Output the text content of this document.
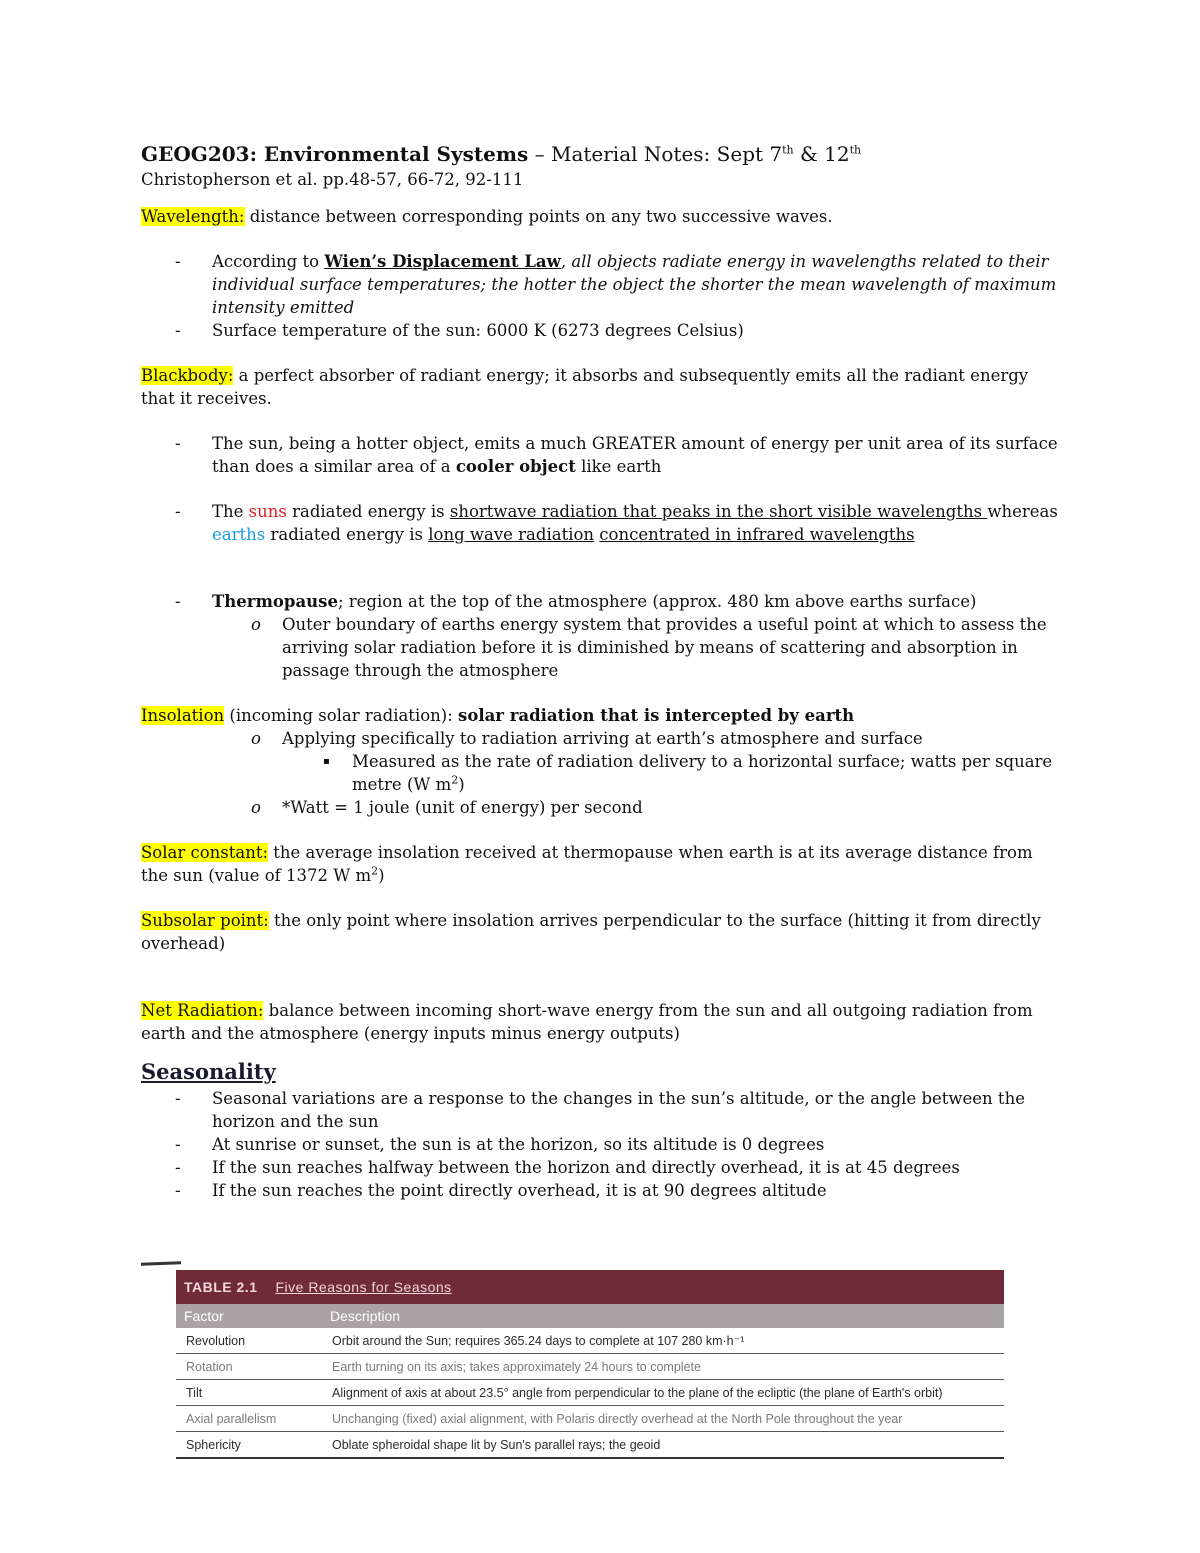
GEOG203: Environmental Systems – Material Notes: Sept 7th & 12th

Christopherson et al. pp.48-57, 66-72, 92-111

Wavelength: distance between corresponding points on any two successive waves.

- According to Wien’s Displacement Law, all objects radiate energy in wavelengths related to their individual surface temperatures; the hotter the object the shorter the mean wavelength of maximum intensity emitted

- Surface temperature of the sun: 6000 K (6273 degrees Celsius)

Blackbody: a perfect absorber of radiant energy; it absorbs and subsequently emits all the radiant energy that it receives.

- The sun, being a hotter object, emits a much GREATER amount of energy per unit area of its surface than does a similar area of a cooler object like earth

- The suns radiated energy is shortwave radiation that peaks in the short visible wavelengths whereas earths radiated energy is long wave radiation concentrated in infrared wavelengths

- Thermopause; region at the top of the atmosphere (approx. 480 km above earths surface)

o Outer boundary of earths energy system that provides a useful point at which to assess the arriving solar radiation before it is diminished by means of scattering and absorption in passage through the atmosphere

Insolation (incoming solar radiation): solar radiation that is intercepted by earth

o Applying specifically to radiation arriving at earth’s atmosphere and surface

▪ Measured as the rate of radiation delivery to a horizontal surface; watts per square metre (W $m^2$)

o *Watt = 1 joule (unit of energy) per second

Solar constant: the average insolation received at thermopause when earth is at its average distance from the sun (value of 1372 W $m^2$)

Subsolar point: the only point where insolation arrives perpendicular to the surface (hitting it from directly overhead)

Net Radiation: balance between incoming short-wave energy from the sun and all outgoing radiation from earth and the atmosphere (energy inputs minus energy outputs)

Seasonality

- Seasonal variations are a response to the changes in the sun’s altitude, or the angle between the horizon and the sun

- At sunrise or sunset, the sun is at the horizon, so its altitude is 0 degrees

- If the sun reaches halfway between the horizon and directly overhead, it is at 45 degrees

- If the sun reaches the point directly overhead, it is at 90 degrees altitude

TABLE 2.1 Five Reasons for Seasons
Factor	Description
Revolution	Orbit around the Sun; requires 365.24 days to complete at 107 280 km·h⁻¹
Rotation	Earth turning on its axis; takes approximately 24 hours to complete
Tilt	Alignment of axis at about 23.5° angle from perpendicular to the plane of the ecliptic (the plane of Earth's orbit)
Axial parallelism	Unchanging (fixed) axial alignment, with Polaris directly overhead at the North Pole throughout the year
Sphericity	Oblate spheroidal shape lit by Sun's parallel rays; the geoid
